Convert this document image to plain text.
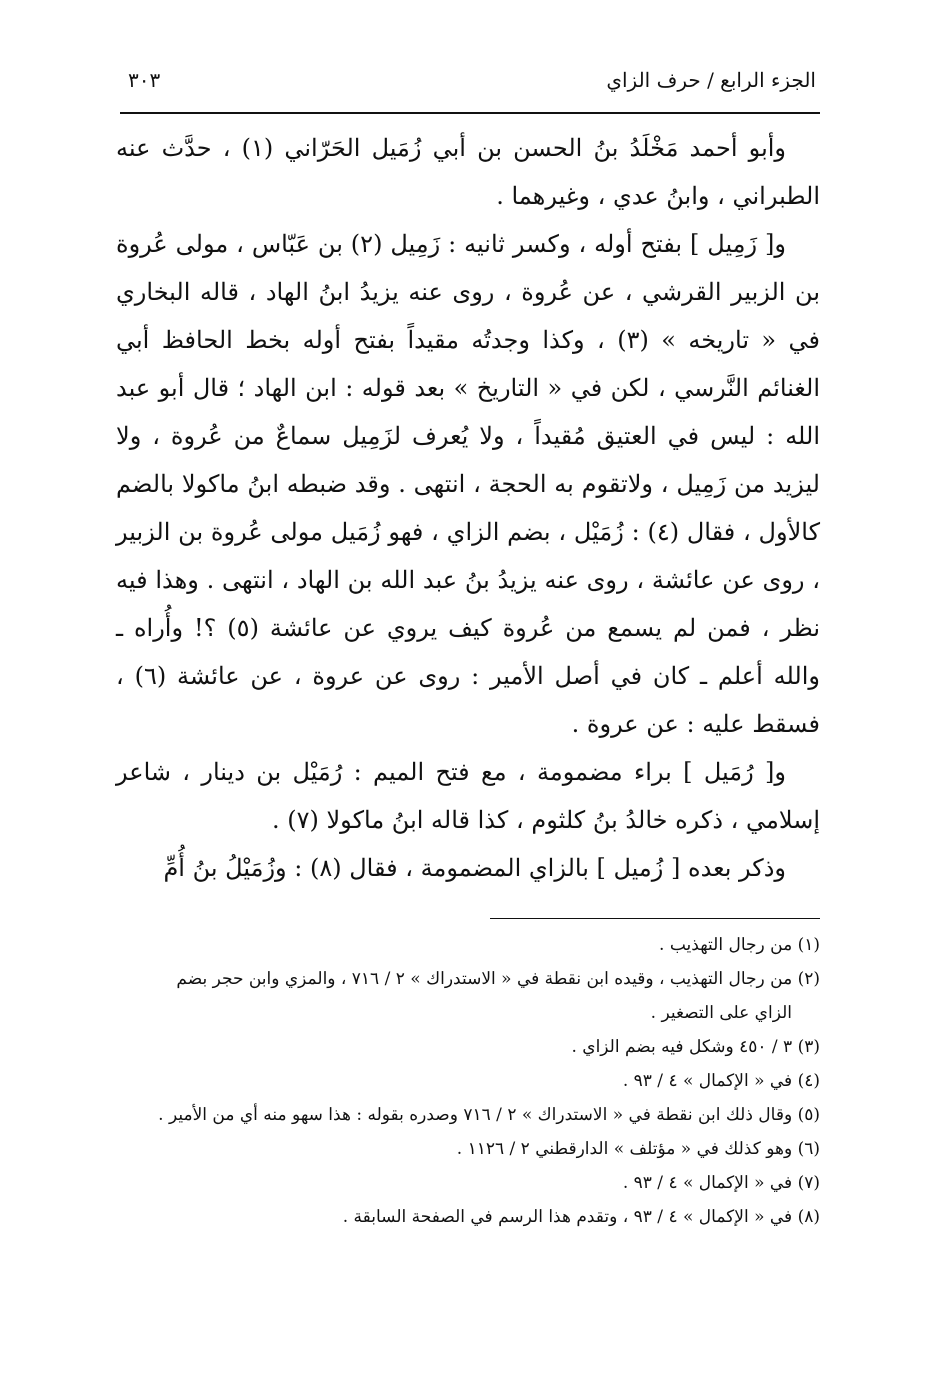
الجزء الرابع / حرف الزاي
٣٠٣

وأبو أحمد مَخْلَدُ بنُ الحسن بن أبي زُمَيل الحَرّاني (١) ، حدَّث عنه الطبراني ، وابنُ عدي ، وغيرهما .

و[ زَمِيل ] بفتح أوله ، وكسر ثانيه : زَمِيل (٢) بن عَبّاس ، مولى عُروة بن الزبير القرشي ، عن عُروة ، روى عنه يزيدُ ابنُ الهاد ، قاله البخاري في « تاريخه » (٣) ، وكذا وجدتُه مقيداً بفتح أوله بخط الحافظ أبي الغنائم النَّرسي ، لكن في « التاريخ » بعد قوله : ابن الهاد ؛ قال أبو عبد الله : ليس في العتيق مُقيداً ، ولا يُعرف لزَمِيل سماعٌ من عُروة ، ولا ليزيد من زَمِيل ، ولاتقوم به الحجة ، انتهى . وقد ضبطه ابنُ ماكولا بالضم كالأول ، فقال (٤) : زُمَيْل ، بضم الزاي ، فهو زُمَيل مولى عُروة بن الزبير ، روى عن عائشة ، روى عنه يزيدُ بنُ عبد الله بن الهاد ، انتهى . وهذا فيه نظر ، فمن لم يسمع من عُروة كيف يروي عن عائشة (٥) ؟! وأُراه ـ والله أعلم ـ كان في أصل الأمير : روى عن عروة ، عن عائشة (٦) ، فسقط عليه : عن عروة .

و[ رُمَيل ] براء مضمومة ، مع فتح الميم : رُمَيْل بن دينار ، شاعر إسلامي ، ذكره خالدُ بنُ كلثوم ، كذا قاله ابنُ ماكولا (٧) .

وذكر بعده [ زُميل ] بالزاي المضمومة ، فقال (٨) : وزُمَيْلُ بنُ أُمِّ

(١) من رجال التهذيب .

(٢) من رجال التهذيب ، وقيده ابن نقطة في « الاستدراك » ٢ / ٧١٦ ، والمزي وابن حجر بضم

الزاي على التصغير .

(٣) ٣ / ٤٥٠ وشكل فيه بضم الزاي .

(٤) في « الإكمال » ٤ / ٩٣ .

(٥) وقال ذلك ابن نقطة في « الاستدراك » ٢ / ٧١٦ وصدره بقوله : هذا سهو منه أي من الأمير .

(٦) وهو كذلك في « مؤتلف » الدارقطني ٢ / ١١٢٦ .

(٧) في « الإكمال » ٤ / ٩٣ .

(٨) في « الإكمال » ٤ / ٩٣ ، وتقدم هذا الرسم في الصفحة السابقة .
